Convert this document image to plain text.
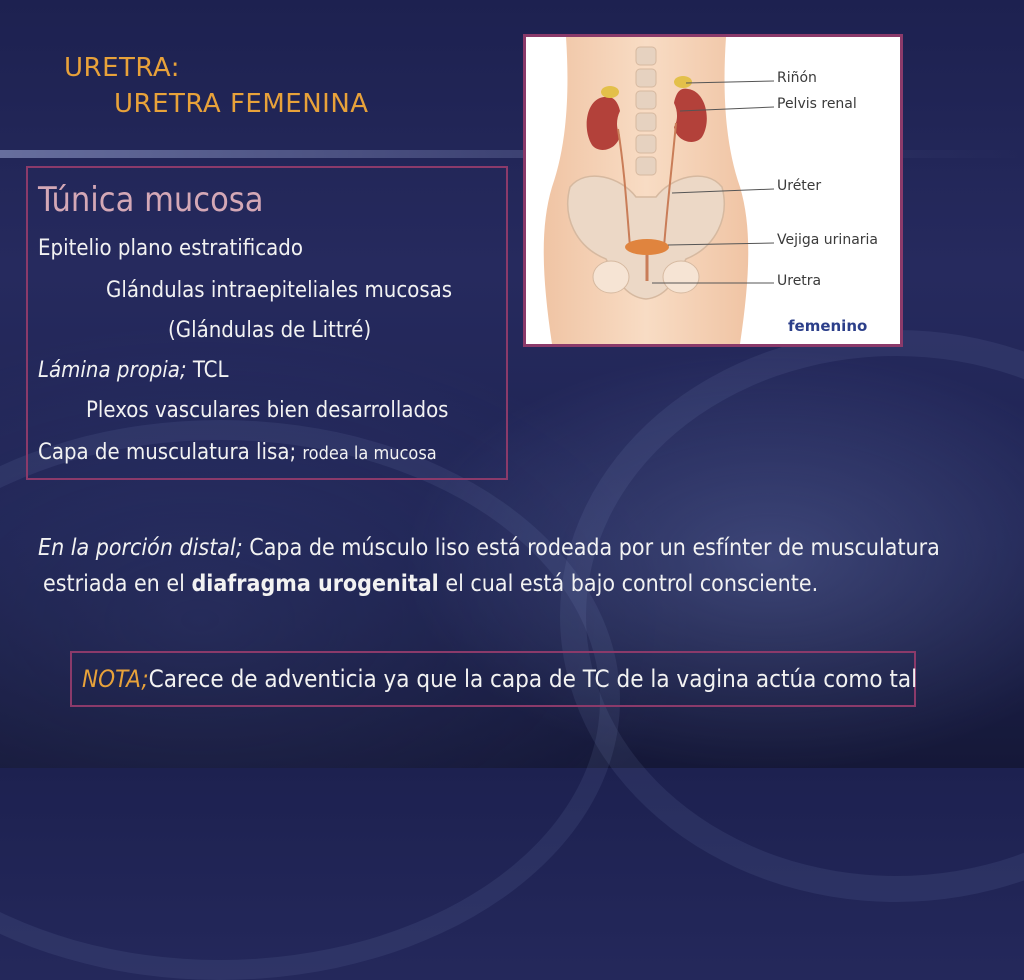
URETRA:
URETRA FEMENINA
Túnica mucosa
Epitelio plano estratificado
Glándulas intraepiteliales mucosas
(Glándulas de Littré)
Lámina propia; TCL
Plexos vasculares bien desarrollados
Capa de musculatura lisa; rodea la mucosa
Riñón
Pelvis renal
Uréter
Vejiga urinaria
Uretra
femenino
En la porción distal; Capa de músculo liso está rodeada por un esfínter de musculatura
estriada en el diafragma urogenital el cual está bajo control consciente.
NOTA;Carece de adventicia ya que la capa de TC de la vagina actúa como tal
